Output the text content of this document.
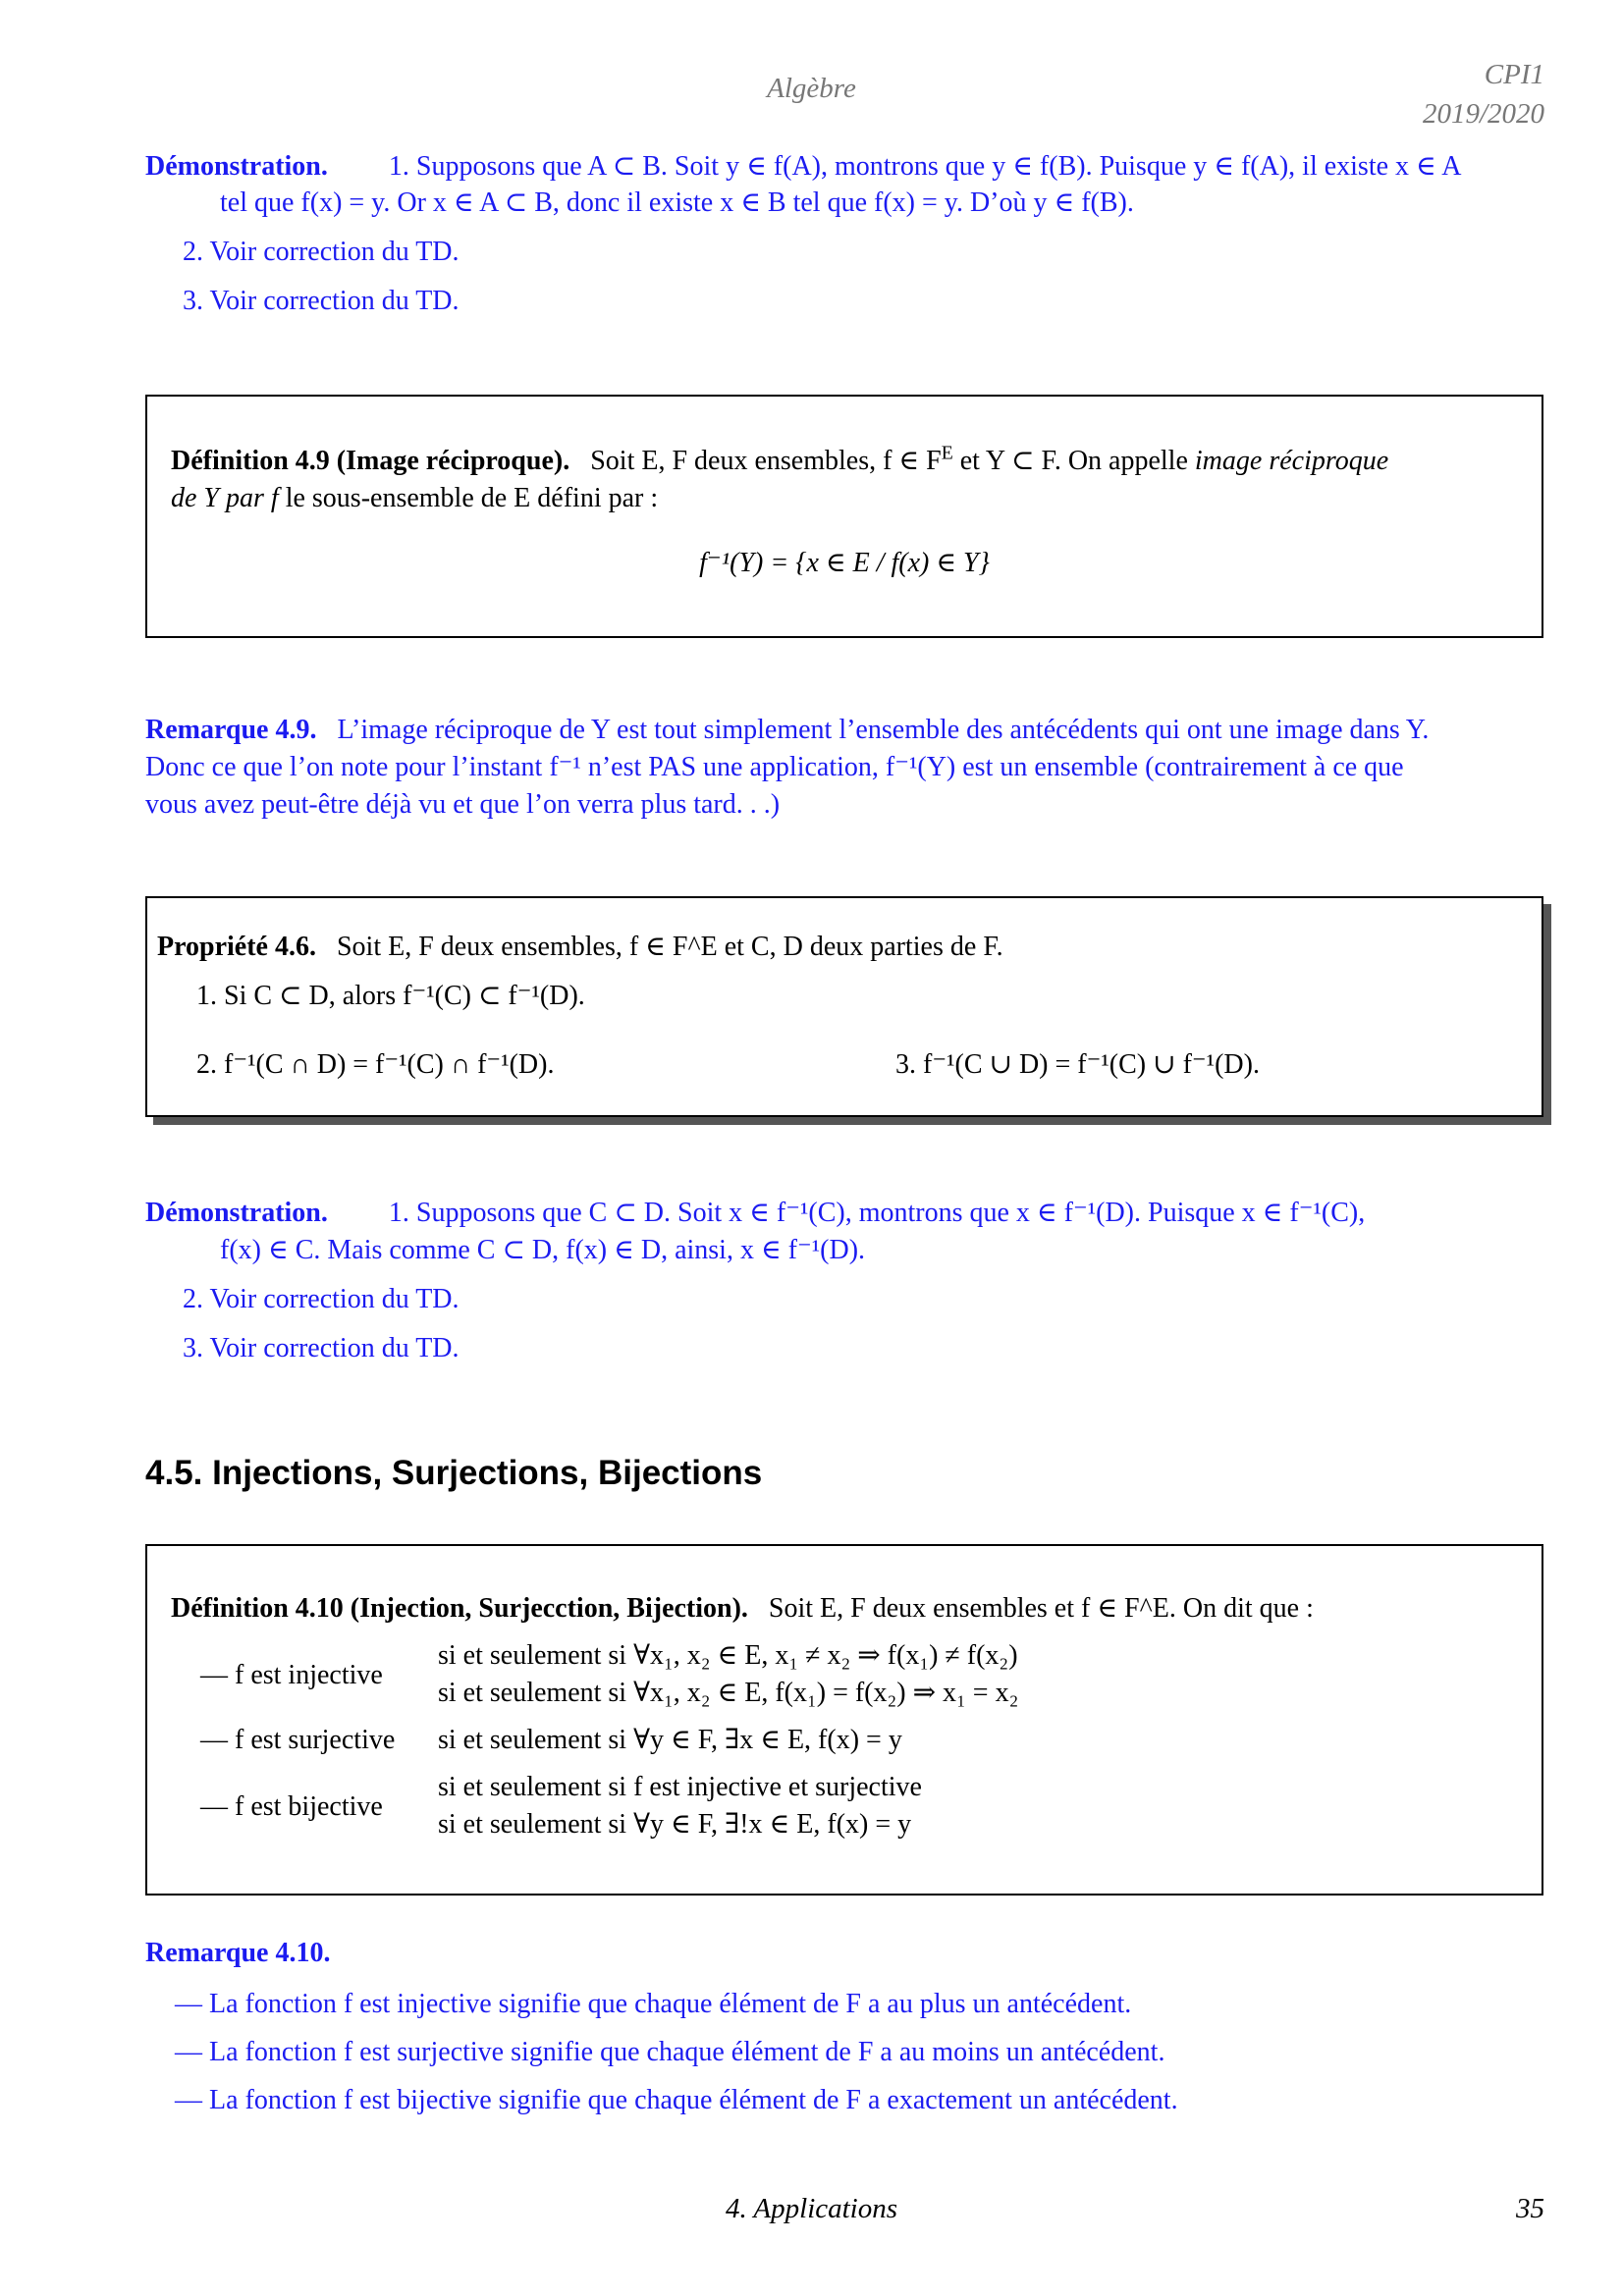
Algèbre	CPI1
2019/2020
Démonstration. 1. Supposons que A ⊂ B. Soit y ∈ f(A), montrons que y ∈ f(B). Puisque y ∈ f(A), il existe x ∈ A
tel que f(x) = y. Or x ∈ A ⊂ B, donc il existe x ∈ B tel que f(x) = y. D’où y ∈ f(B).
2. Voir correction du TD.
3. Voir correction du TD.
Définition 4.9 (Image réciproque). Soit E, F deux ensembles, f ∈ $F^E$ et Y ⊂ F. On appelle image réciproque
de Y par f le sous-ensemble de E défini par :
f⁻¹(Y) = {x ∈ E / f(x) ∈ Y}
Remarque 4.9. L’image réciproque de Y est tout simplement l’ensemble des antécédents qui ont une image dans Y.
Donc ce que l’on note pour l’instant f⁻¹ n’est PAS une application, f⁻¹(Y) est un ensemble (contrairement à ce que
vous avez peut-être déjà vu et que l’on verra plus tard. . .)
Propriété 4.6. Soit E, F deux ensembles, f ∈ F^E et C, D deux parties de F.
1. Si C ⊂ D, alors f⁻¹(C) ⊂ f⁻¹(D).
2. f⁻¹(C ∩ D) = f⁻¹(C) ∩ f⁻¹(D).	3. f⁻¹(C ∪ D) = f⁻¹(C) ∪ f⁻¹(D).
Démonstration. 1. Supposons que C ⊂ D. Soit x ∈ f⁻¹(C), montrons que x ∈ f⁻¹(D). Puisque x ∈ f⁻¹(C),
f(x) ∈ C. Mais comme C ⊂ D, f(x) ∈ D, ainsi, x ∈ f⁻¹(D).
2. Voir correction du TD.
3. Voir correction du TD.
4.5. Injections, Surjections, Bijections
Définition 4.10 (Injection, Surjecction, Bijection). Soit E, F deux ensembles et f ∈ F^E. On dit que :
— f est injective
si et seulement si ∀x₁, x₂ ∈ E, x₁ ≠ x₂ ⇒ f(x₁) ≠ f(x₂)
si et seulement si ∀x₁, x₂ ∈ E, f(x₁) = f(x₂) ⇒ x₁ = x₂
— f est surjective si et seulement si ∀y ∈ F, ∃x ∈ E, f(x) = y
— f est bijective
si et seulement si f est injective et surjective
si et seulement si ∀y ∈ F, ∃!x ∈ E, f(x) = y
Remarque 4.10.
— La fonction f est injective signifie que chaque élément de F a au plus un antécédent.
— La fonction f est surjective signifie que chaque élément de F a au moins un antécédent.
— La fonction f est bijective signifie que chaque élément de F a exactement un antécédent.
4. Applications	35
